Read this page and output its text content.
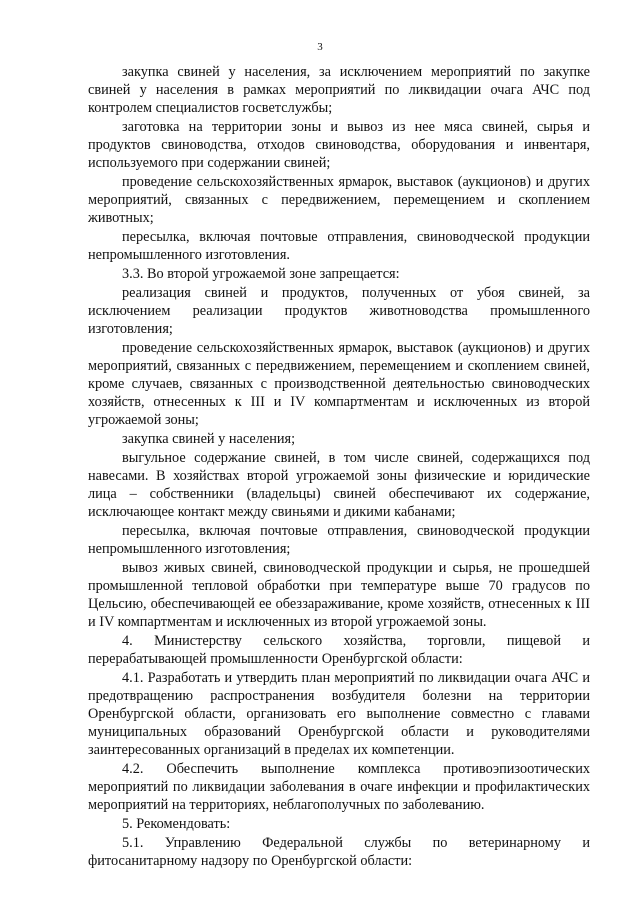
3

закупка свиней у населения, за исключением мероприятий по закупке свиней у населения в рамках мероприятий по ликвидации очага АЧС под контролем специалистов госветслужбы;

заготовка на территории зоны и вывоз из нее мяса свиней, сырья и продуктов свиноводства, отходов свиноводства, оборудования и инвентаря, используемого при содержании свиней;

проведение сельскохозяйственных ярмарок, выставок (аукционов) и других мероприятий, связанных с передвижением, перемещением и скоплением животных;

пересылка, включая почтовые отправления, свиноводческой продукции непромышленного изготовления.

3.3. Во второй угрожаемой зоне запрещается:

реализация свиней и продуктов, полученных от убоя свиней, за исключением реализации продуктов животноводства промышленного изготовления;

проведение сельскохозяйственных ярмарок, выставок (аукционов) и других мероприятий, связанных с передвижением, перемещением и скоплением свиней, кроме случаев, связанных с производственной деятельностью свиноводческих хозяйств, отнесенных к III и IV компартментам и исключенных из второй угрожаемой зоны;

закупка свиней у населения;

выгульное содержание свиней, в том числе свиней, содержащихся под навесами. В хозяйствах второй угрожаемой зоны физические и юридические лица – собственники (владельцы) свиней обеспечивают их содержание, исключающее контакт между свиньями и дикими кабанами;

пересылка, включая почтовые отправления, свиноводческой продукции непромышленного изготовления;

вывоз живых свиней, свиноводческой продукции и сырья, не прошедшей промышленной тепловой обработки при температуре выше 70 градусов по Цельсию, обеспечивающей ее обеззараживание, кроме хозяйств, отнесенных к III и IV компартментам и исключенных из второй угрожаемой зоны.

4. Министерству сельского хозяйства, торговли, пищевой и перерабатывающей промышленности Оренбургской области:

4.1. Разработать и утвердить план мероприятий по ликвидации очага АЧС и предотвращению распространения возбудителя болезни на территории Оренбургской области, организовать его выполнение совместно с главами муниципальных образований Оренбургской области и руководителями заинтересованных организаций в пределах их компетенции.

4.2. Обеспечить выполнение комплекса противоэпизоотических мероприятий по ликвидации заболевания в очаге инфекции и профилактических мероприятий на территориях, неблагополучных по заболеванию.

5. Рекомендовать:

5.1. Управлению Федеральной службы по ветеринарному и фитосанитарному надзору по Оренбургской области:
